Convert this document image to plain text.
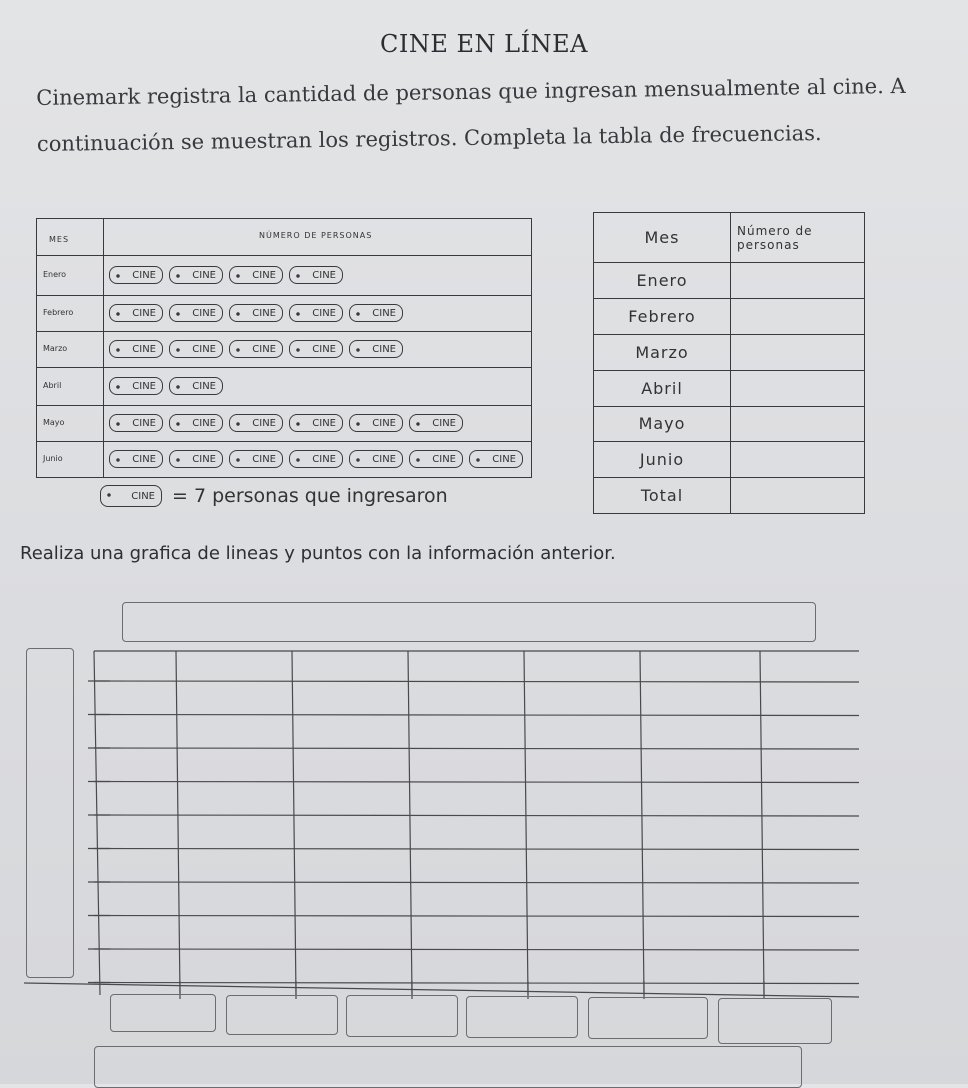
CINE EN LÍNEA
Cinemark registra la cantidad de personas que ingresan mensualmente al cine. A continuación se muestran los registros. Completa la tabla de frecuencias.
MES	NÚMERO DE PERSONAS
Enero	CINE	CINE	CINE	CINE
Febrero	CINE	CINE	CINE	CINE	CINE
Marzo	CINE	CINE	CINE	CINE	CINE
Abril	CINE	CINE
Mayo	CINE	CINE	CINE	CINE	CINE	CINE
Junio	CINE	CINE	CINE	CINE	CINE	CINE	CINE
CINE = 7 personas que ingresaron
Mes	Número de personas
Enero	
Febrero	
Marzo	
Abril	
Mayo	
Junio	
Total	
Realiza una grafica de lineas y puntos con la información anterior.
